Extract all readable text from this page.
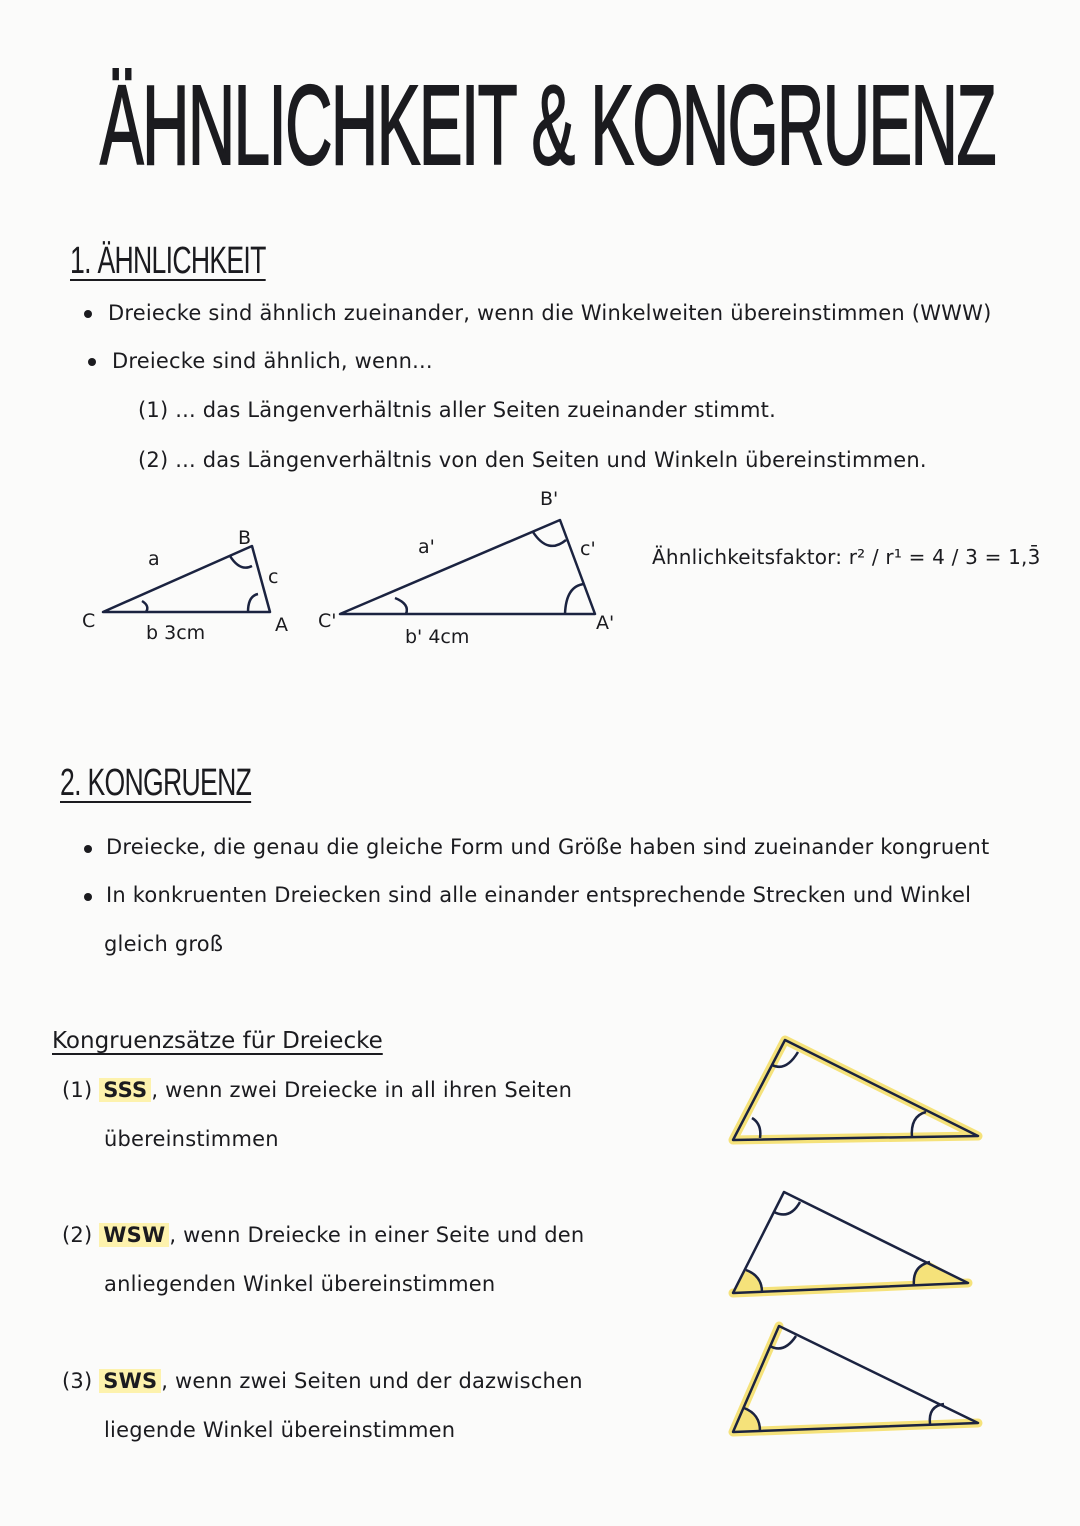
ÄHNLICHKEIT & KONGRUENZ
1. ÄHNLICHKEIT
Dreiecke sind ähnlich zueinander, wenn die Winkelweiten übereinstimmen (WWW)
Dreiecke sind ähnlich, wenn...
(1) ... das Längenverhältnis aller Seiten zueinander stimmt.
(2) ... das Längenverhältnis von den Seiten und Winkeln übereinstimmen.
a
B
c
C	A
b 3cm
a'
B'
c'
C'	A'
b' 4cm
Ähnlichkeitsfaktor: r² / r¹ = 4 / 3 = 1,3̄
2. KONGRUENZ
Dreiecke, die genau die gleiche Form und Größe haben sind zueinander kongruent
In konkruenten Dreiecken sind alle einander entsprechende Strecken und Winkel
gleich groß
Kongruenzsätze für Dreiecke
(1) SSS , wenn zwei Dreiecke in all ihren Seiten
übereinstimmen
(2) WSW , wenn Dreiecke in einer Seite und den
anliegenden Winkel übereinstimmen
(3) SWS , wenn zwei Seiten und der dazwischen
liegende Winkel übereinstimmen
